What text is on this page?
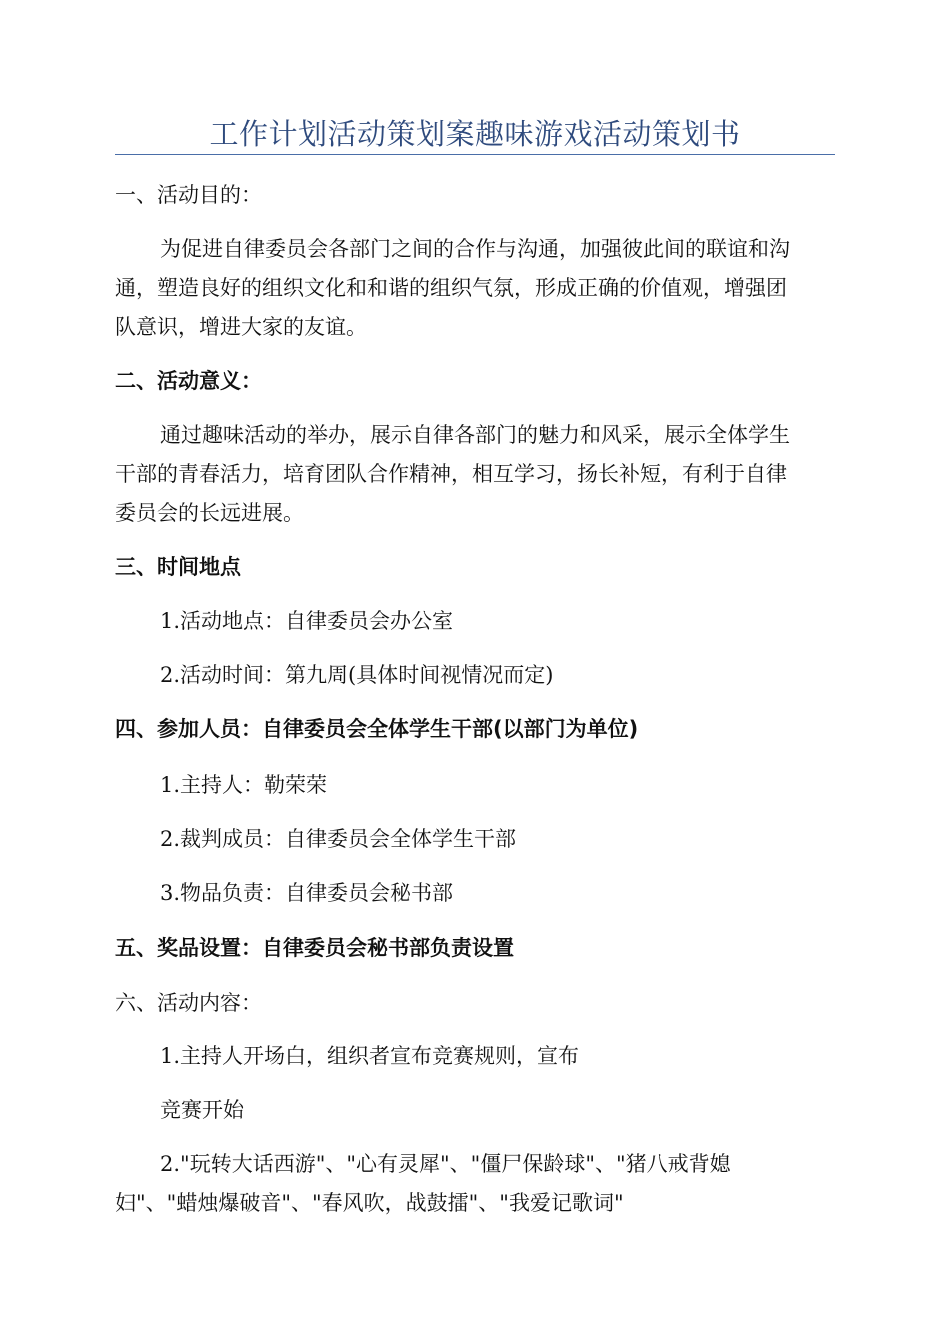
工作计划活动策划案趣味游戏活动策划书
一、活动目的：
为促进自律委员会各部门之间的合作与沟通，加强彼此间的联谊和沟
通，塑造良好的组织文化和和谐的组织气氛，形成正确的价值观，增强团
队意识，增进大家的友谊。
二、活动意义：
通过趣味活动的举办，展示自律各部门的魅力和风采，展示全体学生
干部的青春活力，培育团队合作精神，相互学习，扬长补短，有利于自律
委员会的长远进展。
三、时间地点
1.活动地点：自律委员会办公室
2.活动时间：第九周(具体时间视情况而定)
四、参加人员：自律委员会全体学生干部(以部门为单位)
1.主持人：勒荣荣
2.裁判成员：自律委员会全体学生干部
3.物品负责：自律委员会秘书部
五、奖品设置：自律委员会秘书部负责设置
六、活动内容：
1.主持人开场白，组织者宣布竞赛规则，宣布
竞赛开始
2."玩转大话西游"、"心有灵犀"、"僵尸保龄球"、"猪八戒背媳
妇"、"蜡烛爆破音"、"春风吹，战鼓擂"、"我爱记歌词"
